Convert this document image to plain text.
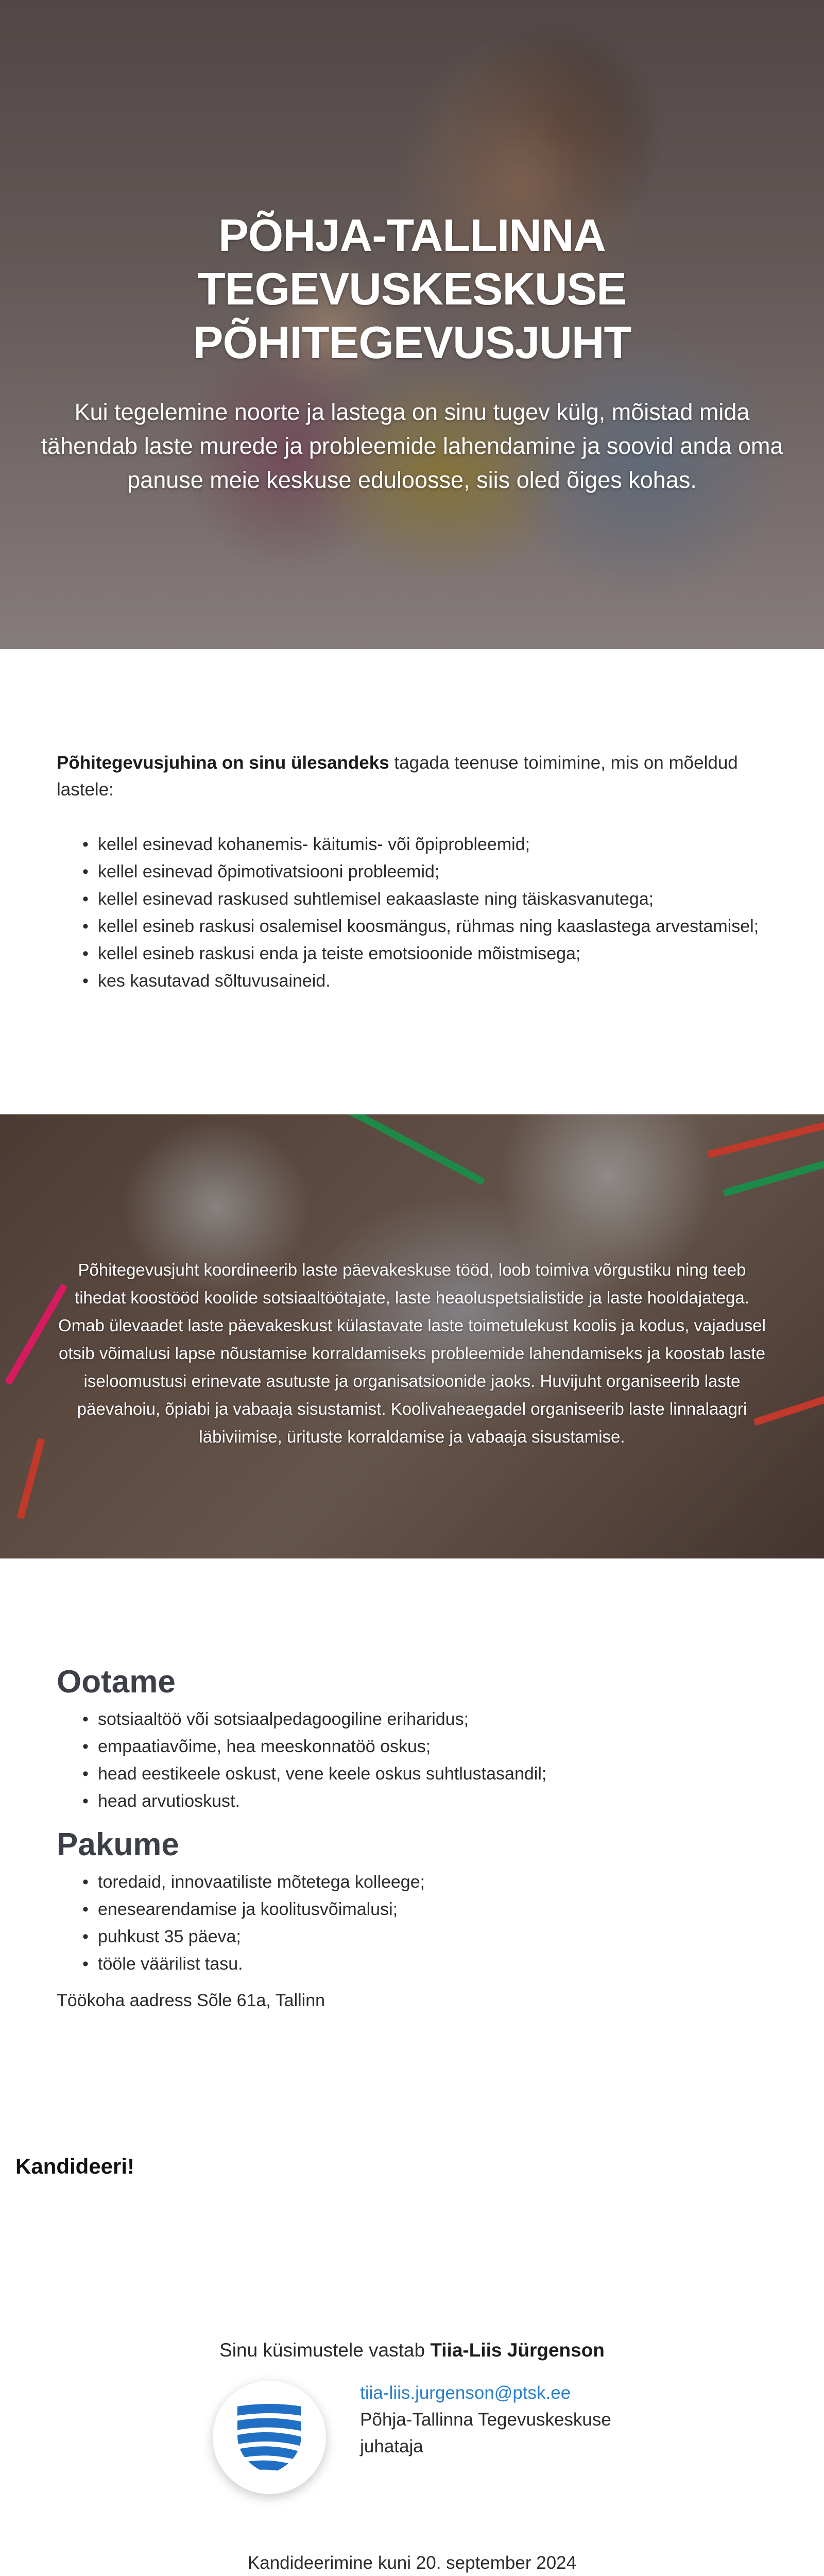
PÕHJA-TALLINNA TEGEVUSKESKUSE
PÕHITEGEVUSJUHT

Kui tegelemine noorte ja lastega on sinu tugev külg, mõistad mida tähendab laste murede ja probleemide lahendamine ja soovid anda oma panuse meie keskuse eduloosse, siis oled õiges kohas.

Põhitegevusjuhina on sinu ülesandeks tagada teenuse toimimine, mis on mõeldud lastele:

• kellel esinevad kohanemis- käitumis- või õpiprobleemid;
• kellel esinevad õpimotivatsiooni probleemid;
• kellel esinevad raskused suhtlemisel eakaaslaste ning täiskasvanutega;
• kellel esineb raskusi osalemisel koosmängus, rühmas ning kaaslastega arvestamisel;
• kellel esineb raskusi enda ja teiste emotsioonide mõistmisega;
• kes kasutavad sõltuvusaineid.

Põhitegevusjuht koordineerib laste päevakeskuse tööd, loob toimiva võrgustiku ning teeb tihedat koostööd koolide sotsiaaltöötajate, laste heaoluspetsialistide ja laste hooldajatega. Omab ülevaadet laste päevakeskust külastavate laste toimetulekust koolis ja kodus, vajadusel otsib võimalusi lapse nõustamise korraldamiseks probleemide lahendamiseks ja koostab laste iseloomustusi erinevate asutuste ja organisatsioonide jaoks. Huvijuht organiseerib laste päevahoiu, õpiabi ja vabaaja sisustamist. Koolivaheaegadel organiseerib laste linnalaagri läbiviimise, ürituste korraldamise ja vabaaja sisustamise.

Ootame
• sotsiaaltöö või sotsiaalpedagoogiline eriharidus;
• empaatiavõime, hea meeskonnatöö oskus;
• head eestikeele oskust, vene keele oskus suhtlustasandil;
• head arvutioskust.
Pakume
• toredaid, innovaatiliste mõtetega kolleege;
• enesearendamise ja koolitusvõimalusi;
• puhkust 35 päeva;
• tööle väärilist tasu.

Töökoha aadress Sõle 61a, Tallinn

Kandideeri!

Sinu küsimustele vastab Tiia-Liis Jürgenson

tiia-liis.jurgenson@ptsk.ee
Põhja-Tallinna Tegevuskeskuse
juhataja

Kandideerimine kuni 20. september 2024
